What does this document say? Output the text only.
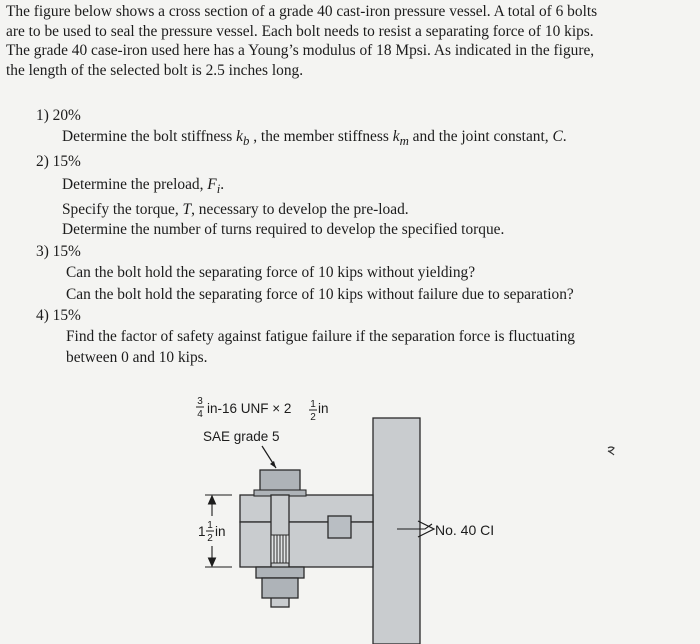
The figure below shows a cross section of a grade 40 cast-iron pressure vessel. A total of 6 bolts
are to be used to seal the pressure vessel. Each bolt needs to resist a separating force of 10 kips.
The grade 40 case-iron used here has a Young’s modulus of 18 Mpsi. As indicated in the figure,
the length of the selected bolt is 2.5 inches long.
1) 20%
Determine the bolt stiffness $k_b$ , the member stiffness $k_m$ and the joint constant, C.
2) 15%
Determine the preload, $F_i$.
Specify the torque, T, necessary to develop the pre-load.
Determine the number of turns required to develop the specified torque.
3) 15%
Can the bolt hold the separating force of 10 kips without yielding?
Can the bolt hold the separating force of 10 kips without failure due to separation?
4) 15%
Find the factor of safety against fatigue failure if the separation force is fluctuating
between 0 and 10 kips.
3
4 in-16 UNF × 2 1
2
in
SAE grade 5
1 1
2 in	No. 40 CI
